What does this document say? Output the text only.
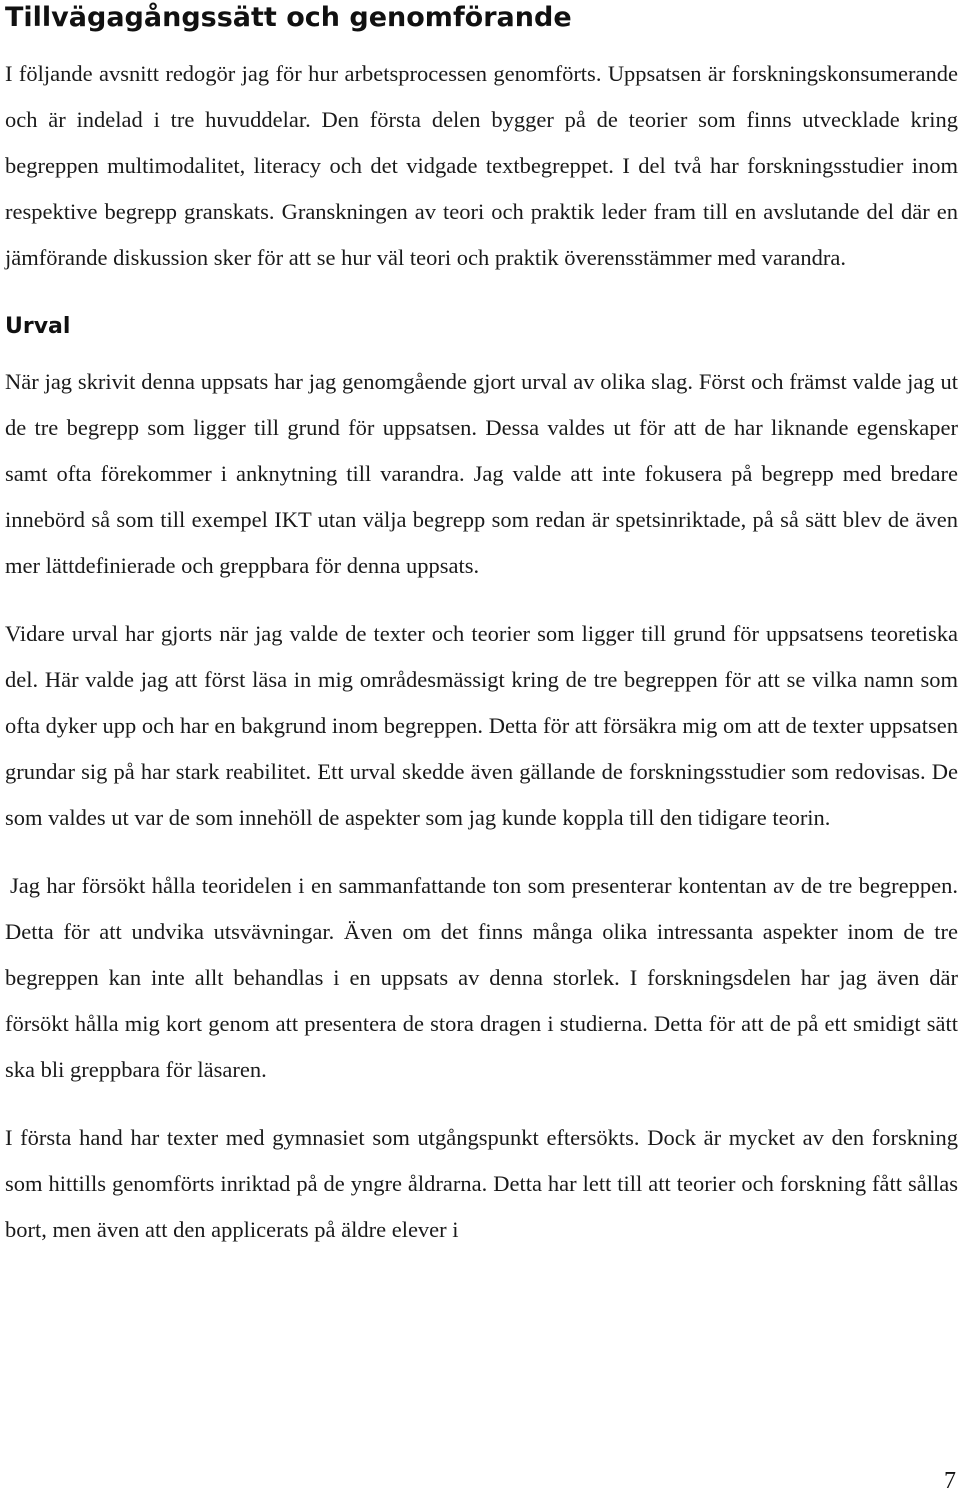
Tillvägagångssätt och genomförande

I följande avsnitt redogör jag för hur arbetsprocessen genomförts. Uppsatsen är forskningskonsumerande och är indelad i tre huvuddelar. Den första delen bygger på de teorier som finns utvecklade kring begreppen multimodalitet, literacy och det vidgade textbegreppet. I del två har forskningsstudier inom respektive begrepp granskats. Granskningen av teori och praktik leder fram till en avslutande del där en jämförande diskussion sker för att se hur väl teori och praktik överensstämmer med varandra.

Urval

När jag skrivit denna uppsats har jag genomgående gjort urval av olika slag. Först och främst valde jag ut de tre begrepp som ligger till grund för uppsatsen. Dessa valdes ut för att de har liknande egenskaper samt ofta förekommer i anknytning till varandra. Jag valde att inte fokusera på begrepp med bredare innebörd så som till exempel IKT utan välja begrepp som redan är spetsinriktade, på så sätt blev de även mer lättdefinierade och greppbara för denna uppsats.

Vidare urval har gjorts när jag valde de texter och teorier som ligger till grund för uppsatsens teoretiska del. Här valde jag att först läsa in mig områdesmässigt kring de tre begreppen för att se vilka namn som ofta dyker upp och har en bakgrund inom begreppen. Detta för att försäkra mig om att de texter uppsatsen grundar sig på har stark reabilitet. Ett urval skedde även gällande de forskningsstudier som redovisas. De som valdes ut var de som innehöll de aspekter som jag kunde koppla till den tidigare teorin.

Jag har försökt hålla teoridelen i en sammanfattande ton som presenterar kontentan av de tre begreppen. Detta för att undvika utsvävningar. Även om det finns många olika intressanta aspekter inom de tre begreppen kan inte allt behandlas i en uppsats av denna storlek. I forskningsdelen har jag även där försökt hålla mig kort genom att presentera de stora dragen i studierna. Detta för att de på ett smidigt sätt ska bli greppbara för läsaren.

I första hand har texter med gymnasiet som utgångspunkt eftersökts. Dock är mycket av den forskning som hittills genomförts inriktad på de yngre åldrarna. Detta har lett till att teorier och forskning fått sållas bort, men även att den applicerats på äldre elever i

7
